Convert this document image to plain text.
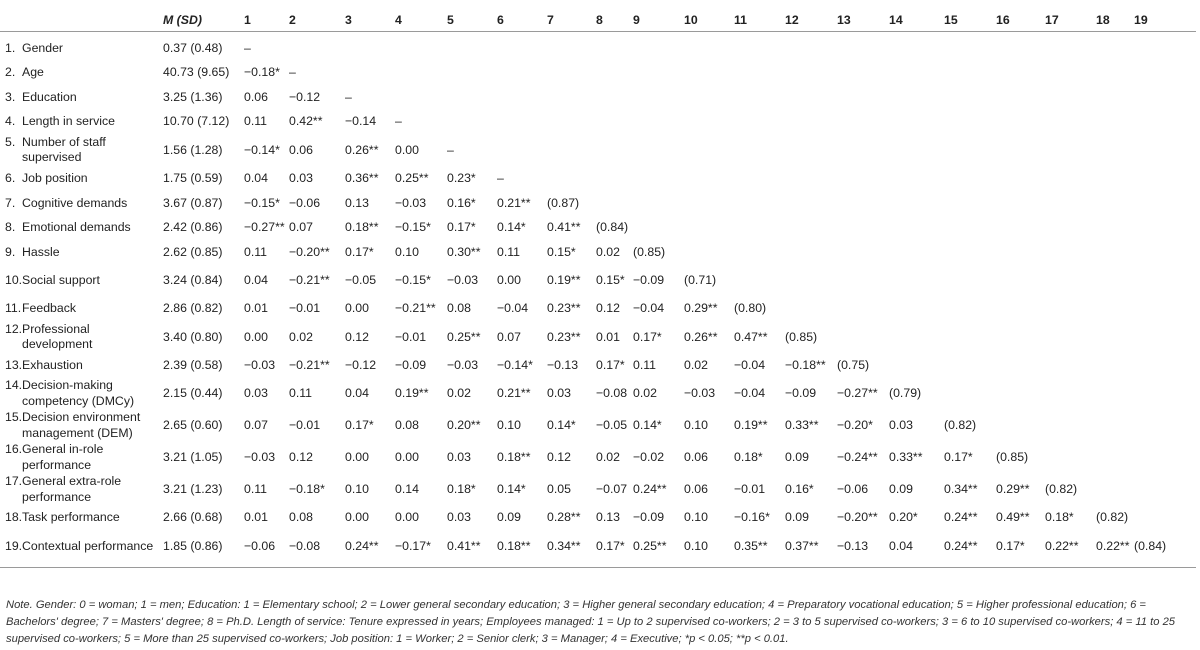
	M (SD)	1	2	3	4	5	6	7	8	9	10	11	12	13	14	15	16	17	18	19
1. Gender	0.37 (0.48)	–																		
2. Age	40.73 (9.65)	−0.18*	–																	
3. Education	3.25 (1.36)	0.06	−0.12	–																
4. Length in service	10.70 (7.12)	0.11	0.42**	−0.14	–															
5. Number of staff supervised	1.56 (1.28)	−0.14*	0.06	0.26**	0.00	–														
6. Job position	1.75 (0.59)	0.04	0.03	0.36**	0.25**	0.23*	–													
7. Cognitive demands	3.67 (0.87)	−0.15*	−0.06	0.13	−0.03	0.16*	0.21**	(0.87)												
8. Emotional demands	2.42 (0.86)	−0.27**	0.07	0.18**	−0.15*	0.17*	0.14*	0.41**	(0.84)											
9. Hassle	2.62 (0.85)	0.11	−0.20**	0.17*	0.10	0.30**	0.11	0.15*	0.02	(0.85)										
10.Social support	3.24 (0.84)	0.04	−0.21**	−0.05	−0.15*	−0.03	0.00	0.19**	0.15*	−0.09	(0.71)									
11.Feedback	2.86 (0.82)	0.01	−0.01	0.00	−0.21**	0.08	−0.04	0.23**	0.12	−0.04	0.29**	(0.80)								
12.Professional development	3.40 (0.80)	0.00	0.02	0.12	−0.01	0.25**	0.07	0.23**	0.01	0.17*	0.26**	0.47**	(0.85)							
13.Exhaustion	2.39 (0.58)	−0.03	−0.21**	−0.12	−0.09	−0.03	−0.14*	−0.13	0.17*	0.11	0.02	−0.04	−0.18**	(0.75)						
14.Decision-making competency (DMCy)	2.15 (0.44)	0.03	0.11	0.04	0.19**	0.02	0.21**	0.03	−0.08	0.02	−0.03	−0.04	−0.09	−0.27**	(0.79)					
15.Decision environment management (DEM)	2.65 (0.60)	0.07	−0.01	0.17*	0.08	0.20**	0.10	0.14*	−0.05	0.14*	0.10	0.19**	0.33**	−0.20*	0.03	(0.82)				
16.General in-role performance	3.21 (1.05)	−0.03	0.12	0.00	0.00	0.03	0.18**	0.12	0.02	−0.02	0.06	0.18*	0.09	−0.24**	0.33**	0.17*	(0.85)			
17.General extra-role performance	3.21 (1.23)	0.11	−0.18*	0.10	0.14	0.18*	0.14*	0.05	−0.07	0.24**	0.06	−0.01	0.16*	−0.06	0.09	0.34**	0.29**	(0.82)		
18.Task performance	2.66 (0.68)	0.01	0.08	0.00	0.00	0.03	0.09	0.28**	0.13	−0.09	0.10	−0.16*	0.09	−0.20**	0.20*	0.24**	0.49**	0.18*	(0.82)	
19.Contextual performance	1.85 (0.86)	−0.06	−0.08	0.24**	−0.17*	0.41**	0.18**	0.34**	0.17*	0.25**	0.10	0.35**	0.37**	−0.13	0.04	0.24**	0.17*	0.22**	0.22**	(0.84)
Note. Gender: 0 = woman; 1 = men; Education: 1 = Elementary school; 2 = Lower general secondary education; 3 = Higher general secondary education; 4 = Preparatory vocational education; 5 = Higher professional education; 6 = Bachelors' degree; 7 = Masters' degree; 8 = Ph.D. Length of service: Tenure expressed in years; Employees managed: 1 = Up to 2 supervised co-workers; 2 = 3 to 5 supervised co-workers; 3 = 6 to 10 supervised co-workers; 4 = 11 to 25 supervised co-workers; 5 = More than 25 supervised co-workers; Job position: 1 = Worker; 2 = Senior clerk; 3 = Manager; 4 = Executive; *p < 0.05; **p < 0.01.
